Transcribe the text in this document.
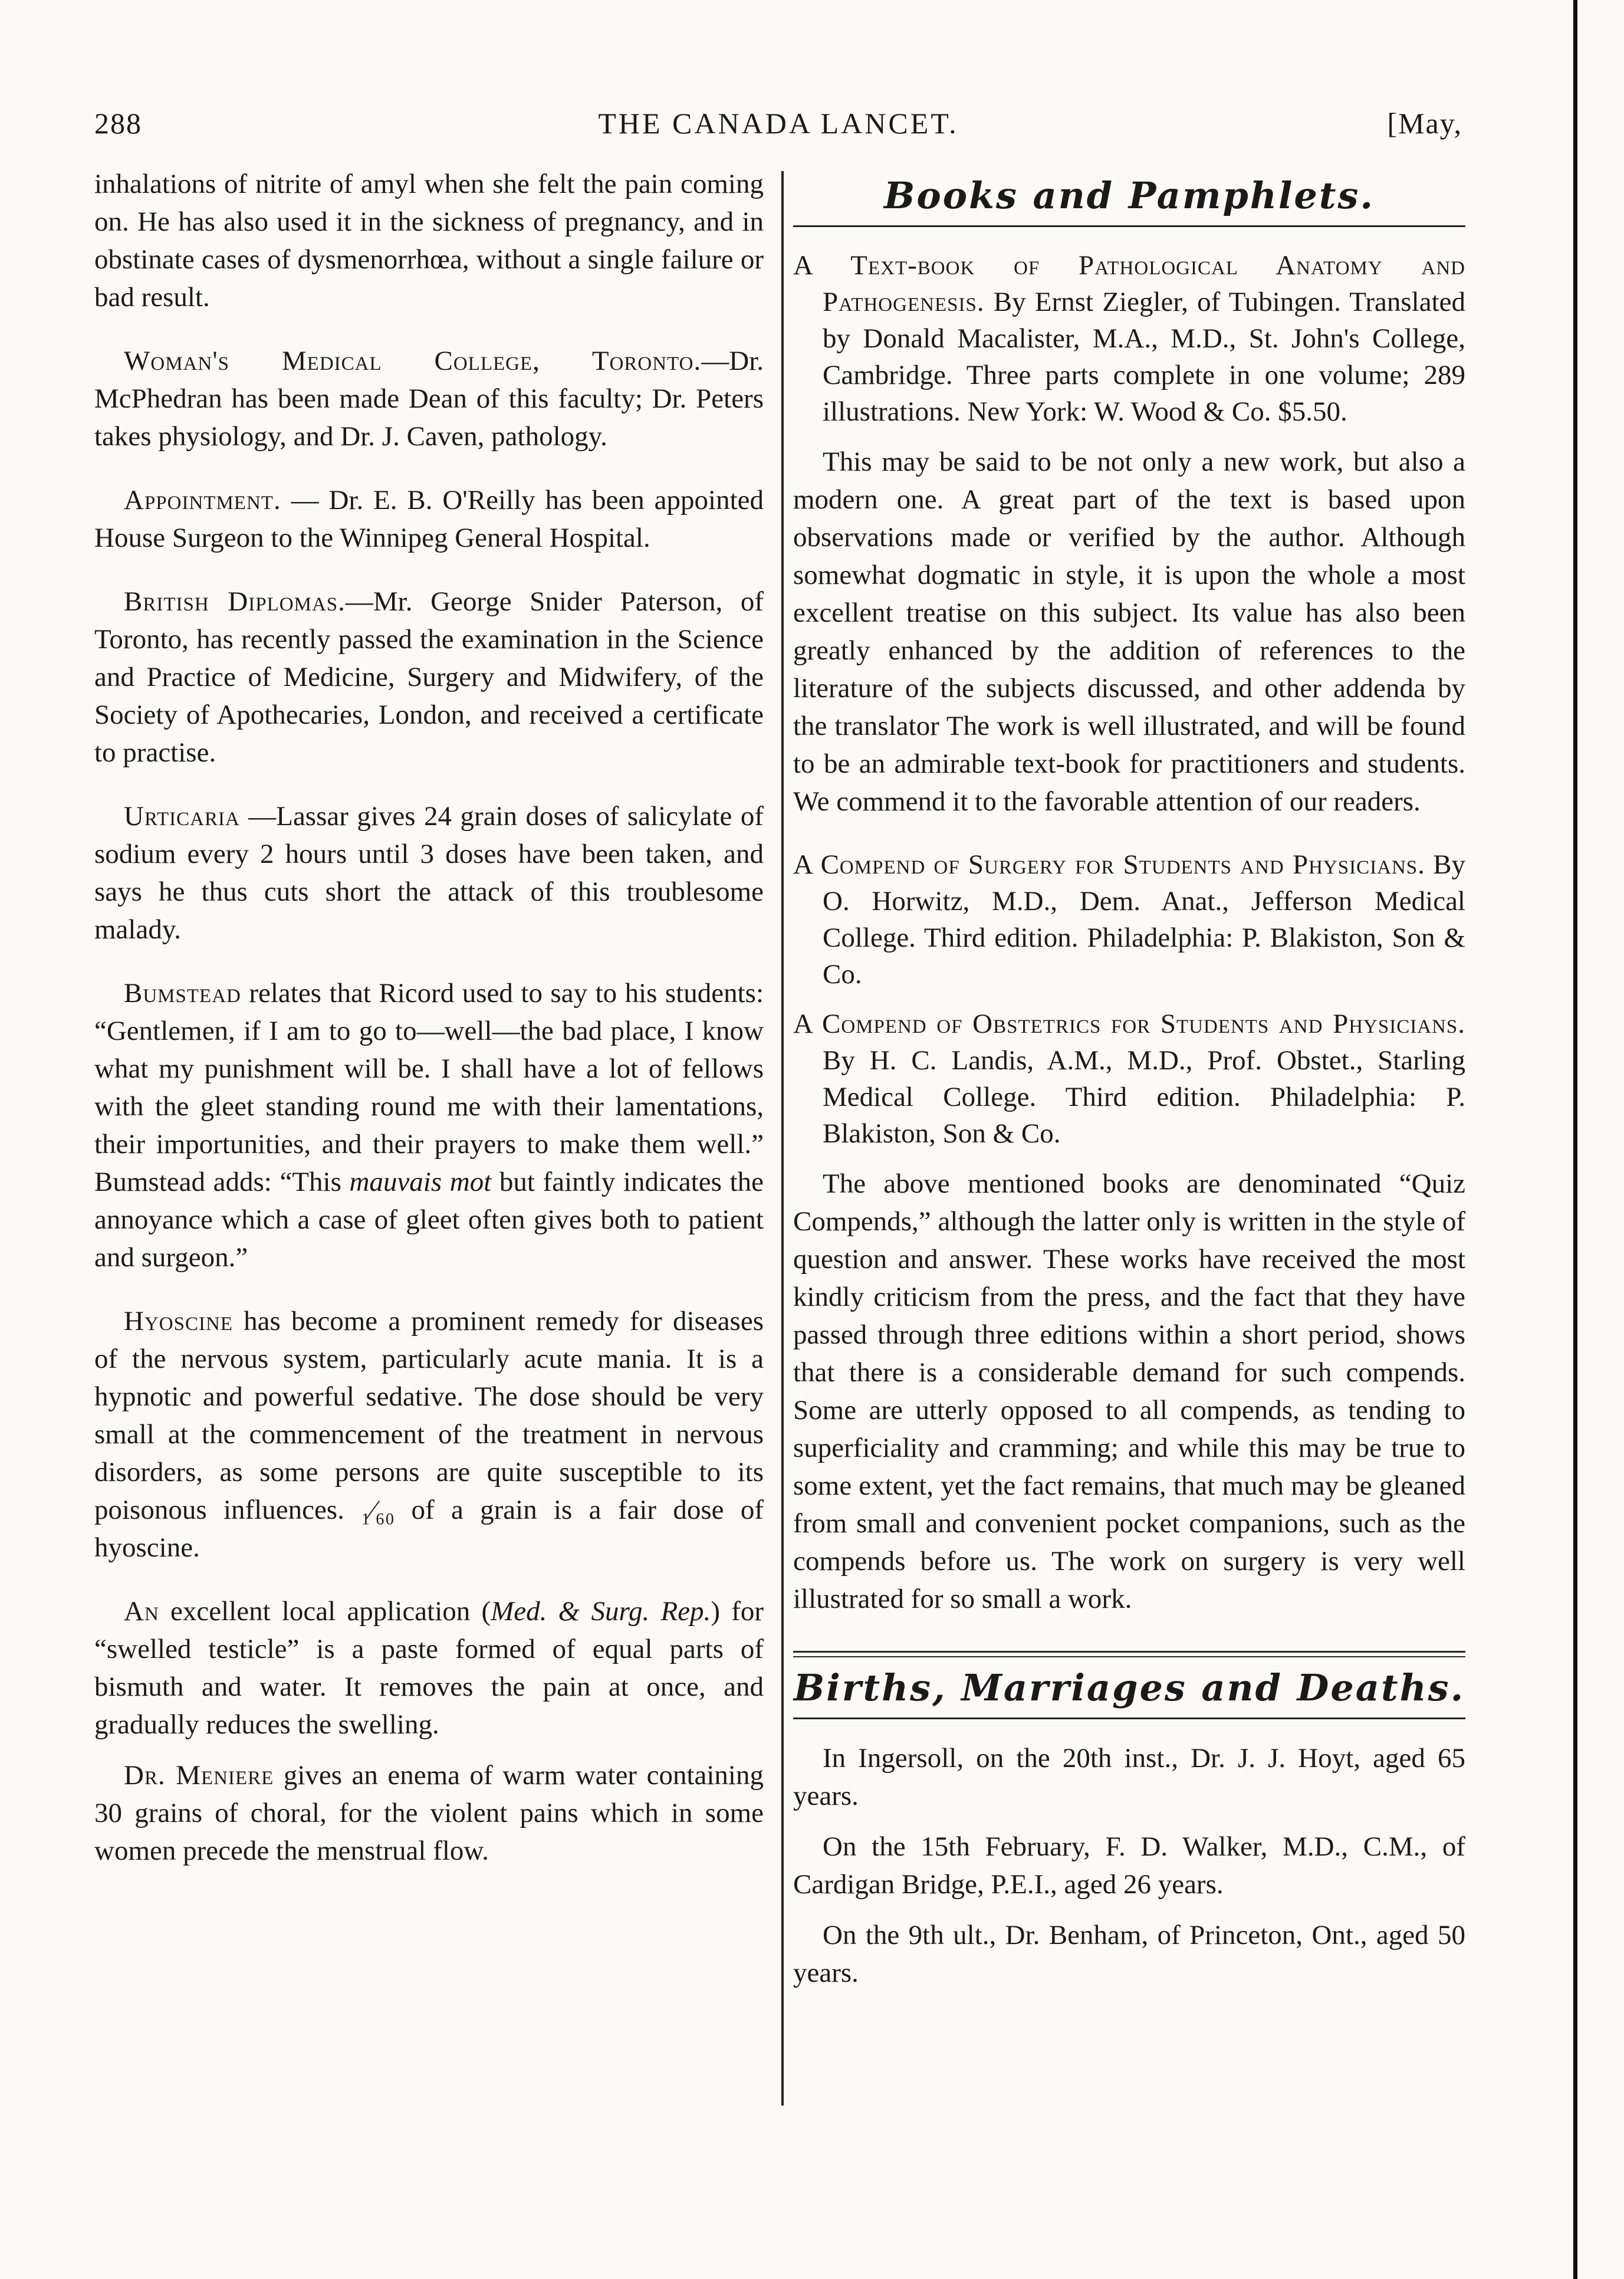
288	THE CANADA LANCET.	[May,

inhalations of nitrite of amyl when she felt the pain coming on. He has also used it in the sickness of pregnancy, and in obstinate cases of dysmenorrhœa, without a single failure or bad result.

Woman's Medical College, Toronto.—Dr. McPhedran has been made Dean of this faculty; Dr. Peters takes physiology, and Dr. J. Caven, pathology.

Appointment. — Dr. E. B. O'Reilly has been appointed House Surgeon to the Winnipeg General Hospital.

British Diplomas.—Mr. George Snider Paterson, of Toronto, has recently passed the examination in the Science and Practice of Medicine, Surgery and Midwifery, of the Society of Apothecaries, London, and received a certificate to practise.

Urticaria —Lassar gives 24 grain doses of salicylate of sodium every 2 hours until 3 doses have been taken, and says he thus cuts short the attack of this troublesome malady.

Bumstead relates that Ricord used to say to his students: “Gentlemen, if I am to go to—well—the bad place, I know what my punishment will be. I shall have a lot of fellows with the gleet standing round me with their lamentations, their importunities, and their prayers to make them well.” Bumstead adds: “This mauvais mot but faintly indicates the annoyance which a case of gleet often gives both to patient and surgeon.”

Hyoscine has become a prominent remedy for diseases of the nervous system, particularly acute mania. It is a hypnotic and powerful sedative. The dose should be very small at the commencement of the treatment in nervous disorders, as some persons are quite susceptible to its poisonous influences. ₁⁄₆₀ of a grain is a fair dose of hyoscine.

An excellent local application (Med. & Surg. Rep.) for “swelled testicle” is a paste formed of equal parts of bismuth and water. It removes the pain at once, and gradually reduces the swelling.

Dr. Meniere gives an enema of warm water containing 30 grains of choral, for the violent pains which in some women precede the menstrual flow.

Books and Pamphlets.

A Text-book of Pathological Anatomy and Pathogenesis. By Ernst Ziegler, of Tubingen. Translated by Donald Macalister, M.A., M.D., St. John's College, Cambridge. Three parts complete in one volume; 289 illustrations. New York: W. Wood & Co. $5.50.

This may be said to be not only a new work, but also a modern one. A great part of the text is based upon observations made or verified by the author. Although somewhat dogmatic in style, it is upon the whole a most excellent treatise on this subject. Its value has also been greatly enhanced by the addition of references to the literature of the subjects discussed, and other addenda by the translator The work is well illustrated, and will be found to be an admirable text-book for practitioners and students. We commend it to the favorable attention of our readers.

A Compend of Surgery for Students and Physicians. By O. Horwitz, M.D., Dem. Anat., Jefferson Medical College. Third edition. Philadelphia: P. Blakiston, Son & Co.

A Compend of Obstetrics for Students and Physicians. By H. C. Landis, A.M., M.D., Prof. Obstet., Starling Medical College. Third edition. Philadelphia: P. Blakiston, Son & Co.

The above mentioned books are denominated “Quiz Compends,” although the latter only is written in the style of question and answer. These works have received the most kindly criticism from the press, and the fact that they have passed through three editions within a short period, shows that there is a considerable demand for such compends. Some are utterly opposed to all compends, as tending to superficiality and cramming; and while this may be true to some extent, yet the fact remains, that much may be gleaned from small and convenient pocket companions, such as the compends before us. The work on surgery is very well illustrated for so small a work.

Births, Marriages and Deaths.

In Ingersoll, on the 20th inst., Dr. J. J. Hoyt, aged 65 years.

On the 15th February, F. D. Walker, M.D., C.M., of Cardigan Bridge, P.E.I., aged 26 years.

On the 9th ult., Dr. Benham, of Princeton, Ont., aged 50 years.
